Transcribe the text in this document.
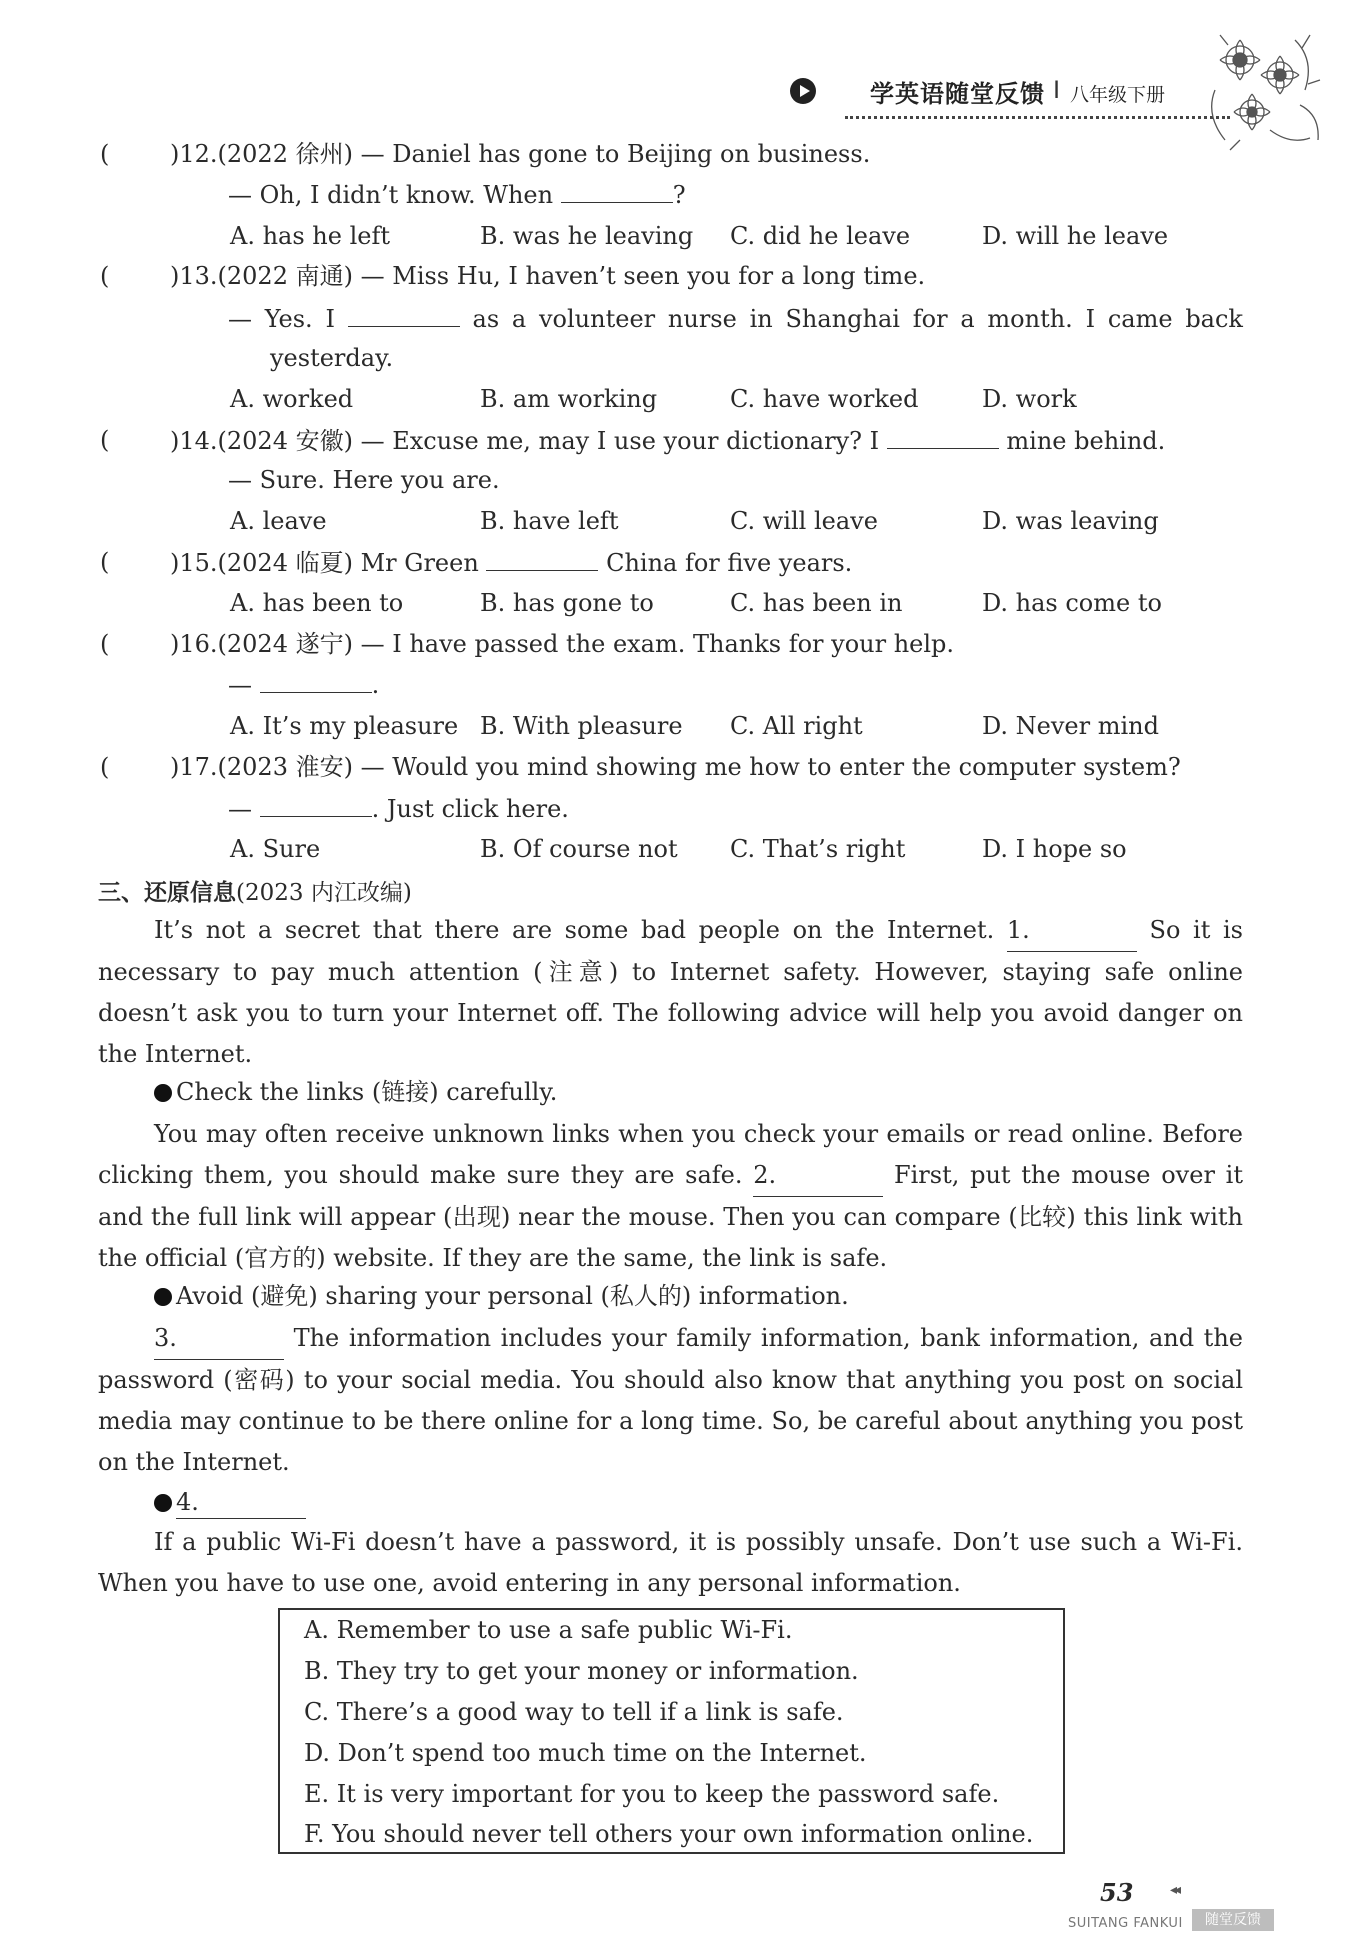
学英语随堂反馈 I 八年级下册
(	)12.(2022 徐州) — Daniel has gone to Beijing on business.
— Oh, I didn’t know. When	?
A. has he left	B. was he leaving C. did he leave	D. will he leave
(	)13.(2022 南通) — Miss Hu, I haven’t seen you for a long time.
— Yes. I	as a volunteer nurse in Shanghai for a month. I came back
yesterday.
A. worked	B. am working	C. have worked	D. work
(	)14.(2024 安徽) — Excuse me, may I use your dictionary? I	mine behind.
— Sure. Here you are.
A. leave	B. have left	C. will leave	D. was leaving
(	)15.(2024 临夏) Mr Green	China for five years.
A. has been to	B. has gone to	C. has been in	D. has come to
(	)16.(2024 遂宁) — I have passed the exam. Thanks for your help.
—	.
A. It’s my pleasure B. With pleasure C. All right	D. Never mind
(	)17.(2023 淮安) — Would you mind showing me how to enter the computer system?
—	. Just click here.
A. Sure	B. Of course not C. That’s right	D. I hope so
三、还原信息(2023 内江改编)
It’s not a secret that there are some bad people on the Internet. 1.	So it is necessary to pay much attention (注意) to Internet safety. However, staying safe online doesn’t ask you to turn your Internet off. The following advice will help you avoid danger on the Internet.
Check the links (链接) carefully.
You may often receive unknown links when you check your emails or read online. Before clicking them, you should make sure they are safe. 2.	First, put the mouse over it and the full link will appear (出现) near the mouse. Then you can compare (比较) this link with the official (官方的) website. If they are the same, the link is safe.
Avoid (避免) sharing your personal (私人的) information.
3.	The information includes your family information, bank information, and the password (密码) to your social media. You should also know that anything you post on social media may continue to be there online for a long time. So, be careful about anything you post on the Internet.
4.
If a public Wi-Fi doesn’t have a password, it is possibly unsafe. Don’t use such a Wi-Fi. When you have to use one, avoid entering in any personal information.
A. Remember to use a safe public Wi-Fi.
B. They try to get your money or information.
C. There’s a good way to tell if a link is safe.
D. Don’t spend too much time on the Internet.
E. It is very important for you to keep the password safe.
F. You should never tell others your own information online.
53	◂◂
SUITANG FANKUI	随堂反馈
